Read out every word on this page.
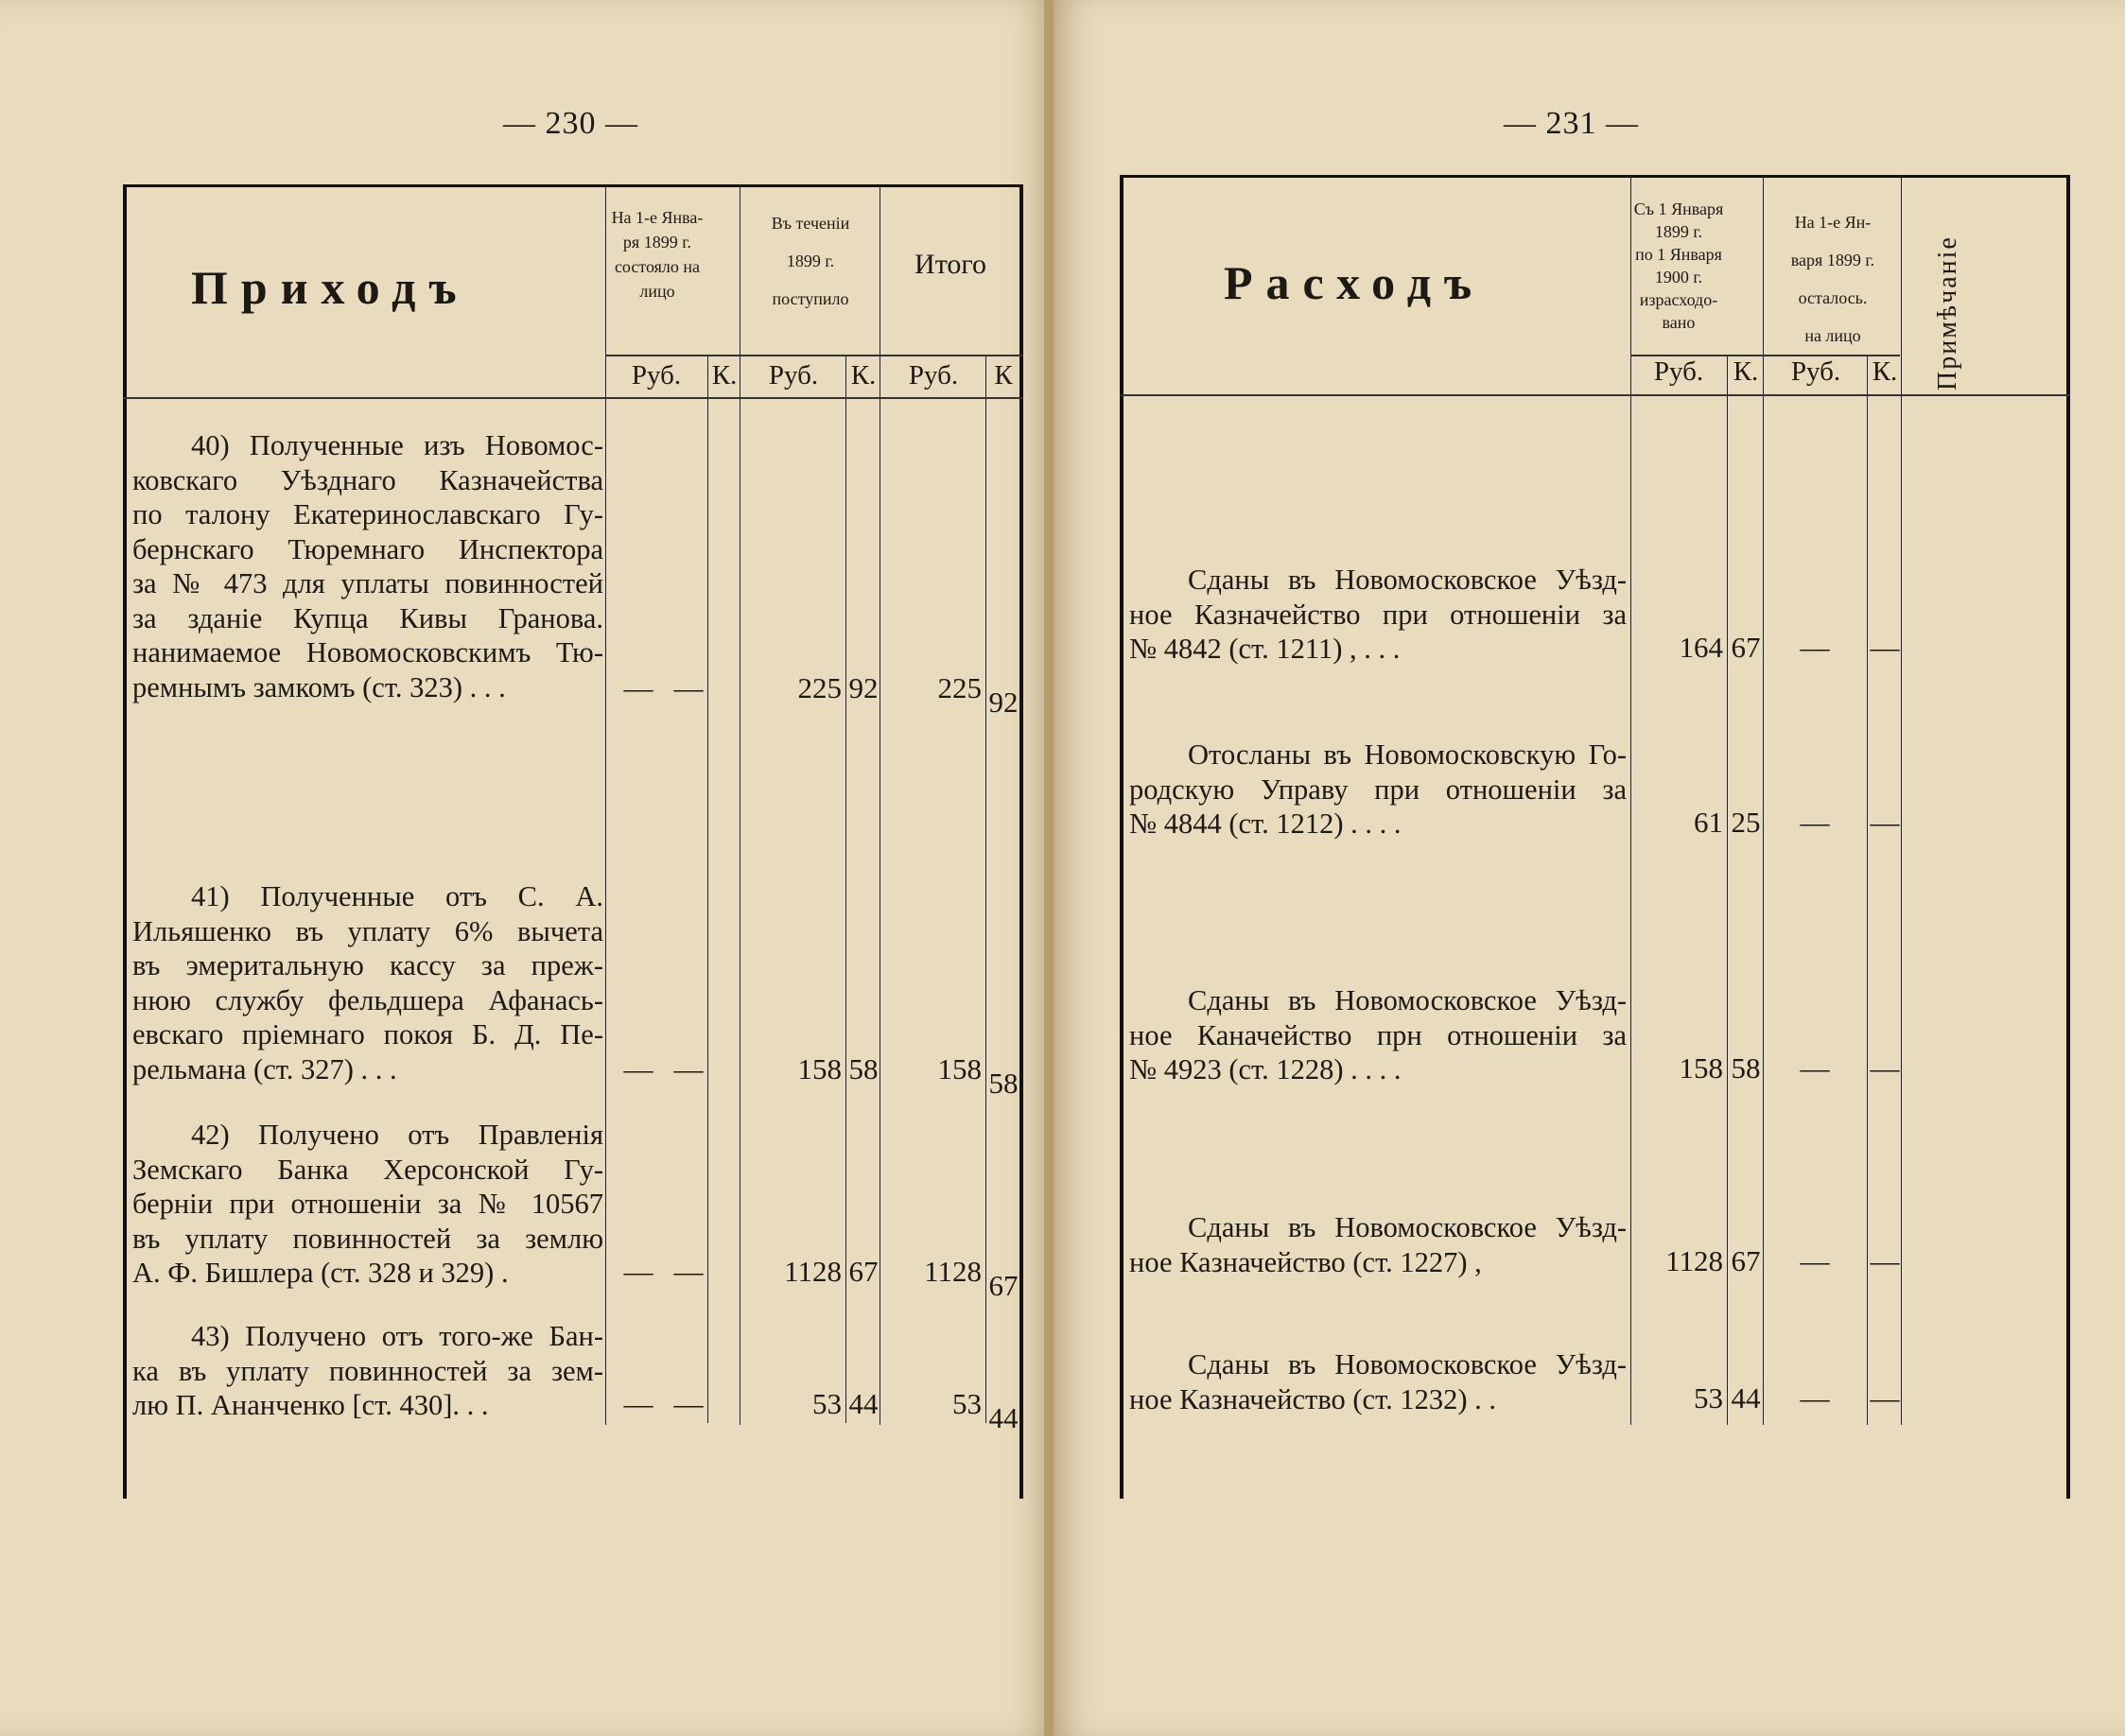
— 230 —
Приходъ
На 1-е Янва-
ря 1899 г.
состояло на
лицо
Въ теченіи
1899 г.
поступило
Итого
Руб.	К.	Руб.	К.	Руб.	К
40) Полученные изъ Новомос-
ковскаго Уѣзднаго Казначейства
по талону Екатеринославскаго Гу-
бернскаго Тюремнаго Инспектора
за № 473 для уплаты повинностей
за зданіе Купца Кивы Гранова.
нанимаемое Новомосковскимъ Тю-
ремнымъ замкомъ (ст. 323) . . .	— —	225 92	225 92
41) Полученные отъ С. А.
Ильяшенко въ уплату 6% вычета
въ эмеритальную кассу за преж-
нюю службу фельдшера Афанась-
евскаго пріемнаго покоя Б. Д. Пе-
рельмана (ст. 327) . . .	— —	158 58	158 58
42) Получено отъ Правленія
Земскаго Банка Херсонской Гу-
берніи при отношеніи за № 10567
въ уплату повинностей за землю
А. Ф. Бишлера (ст. 328 и 329) .	— —	1128 67	1128 67
43) Получено отъ того-же Бан-
ка въ уплату повинностей за зем-
лю П. Ананченко [ст. 430]. . .	— —	53 44	53 44
— 231 —
Расходъ
Съ 1 Января
1899 г.
по 1 Января
1900 г.
израсходо-
вано
На 1-е Ян-
варя 1899 г.
осталось.
на лицо	Примѣчаніе
Руб.	К.	Руб.	К.
Сданы въ Новомосковское Уѣзд-
ное Казначейство при отношеніи за
№ 4842 (ст. 1211) , . . .	164 67	—	—
Отосланы въ Новомосковскую Го-
родскую Управу при отношеніи за
№ 4844 (ст. 1212) . . . .	61 25	—	—
Сданы въ Новомосковское Уѣзд-
ное Каначейство прн отношеніи за
№ 4923 (ст. 1228) . . . .	158 58	—	—
Сданы въ Новомосковское Уѣзд-
ное Казначейство (ст. 1227) ,	1128 67	—	—
Сданы въ Новомосковское Уѣзд-
ное Казначейство (ст. 1232) . .	53 44	—	—
